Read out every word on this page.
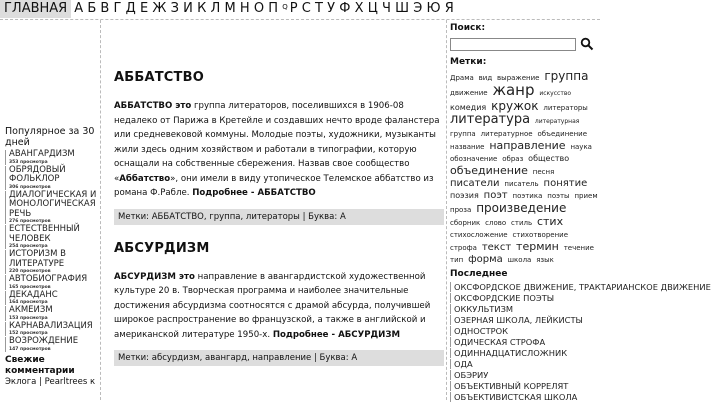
ГЛАВНАЯ А Б В Г Д Е Ж З И К Л М Н О П $^Q$ Р С Т У Ф Х Ц Ч Ш Э Ю Я
Популярное за 30 дней
АВАНГАРДИЗМ
353 просмотра
ОБРЯДОВЫЙ ФОЛЬКЛОР
306 просмотров
ДИАЛОГИЧЕСКАЯ И МОНОЛОГИЧЕСКАЯ РЕЧЬ
276 просмотров
ЕСТЕСТВЕННЫЙ ЧЕЛОВЕК
254 просмотра
ИСТОРИЗМ В ЛИТЕРАТУРЕ
220 просмотров
АВТОБИОГРАФИЯ
165 просмотров
ДЕКАДАНС
164 просмотра
АКМЕИЗМ
153 просмотра
КАРНАВАЛИЗАЦИЯ
152 просмотра
ВОЗРОЖДЕНИЕ
147 просмотров
Свежие комментарии
Эклога | Pearltrees к
АББАТСТВО

АББАТСТВО это группа литераторов, поселившихся в 1906-08 недалеко от Парижа в Кретейле и создавших нечто вроде фаланстера или средневековой коммуны. Молодые поэты, художники, музыканты жили здесь одним хозяйством и работали в типографии, которую оснащали на собственные сбережения. Назвав свое сообщество «Аббатство», они имели в виду утопическое Телемское аббатство из романа Ф.Рабле. Подробнее - АББАТСТВО

Метки: АББАТСТВО, группа, литераторы | Буква: А
АБСУРДИЗМ

АБСУРДИЗМ это направление в авангардистской художественной культуре 20 в. Творческая программа и наиболее значительные достижения абсурдизма соотносятся с драмой абсурда, получившей широкое распространение во французской, а также в английской и американской литературе 1950-х. Подробнее - АБСУРДИЗМ

Метки: абсурдизм, авангард, направление | Буква: А
Поиск:
Метки:
Драма вид выражение группа движение жанр искусство комедия кружок литераторы литература литературная группа литературное объединение название направление наука обозначение образ общество объединение песня писатели писатель понятие поэзия поэт поэтика поэты прием проза произведение сборник слово стиль стих стихосложение стихотворение строфа текст термин течение тип форма школа язык
Последнее
ОКСФОРДСКОЕ ДВИЖЕНИЕ, ТРАКТАРИАНСКОЕ ДВИЖЕНИЕ
ОКСФОРДСКИЕ ПОЭТЫ
ОККУЛЬТИЗМ
ОЗЕРНАЯ ШКОЛА, ЛЕЙКИСТЫ
ОДНОСТРОК
ОДИЧЕСКАЯ СТРОФА
ОДИННАДЦАТИСЛОЖНИК
ОДА
ОБЭРИУ
ОБЪЕКТИВНЫЙ КОРРЕЛЯТ
ОБЪЕКТИВИСТСКАЯ ШКОЛА
